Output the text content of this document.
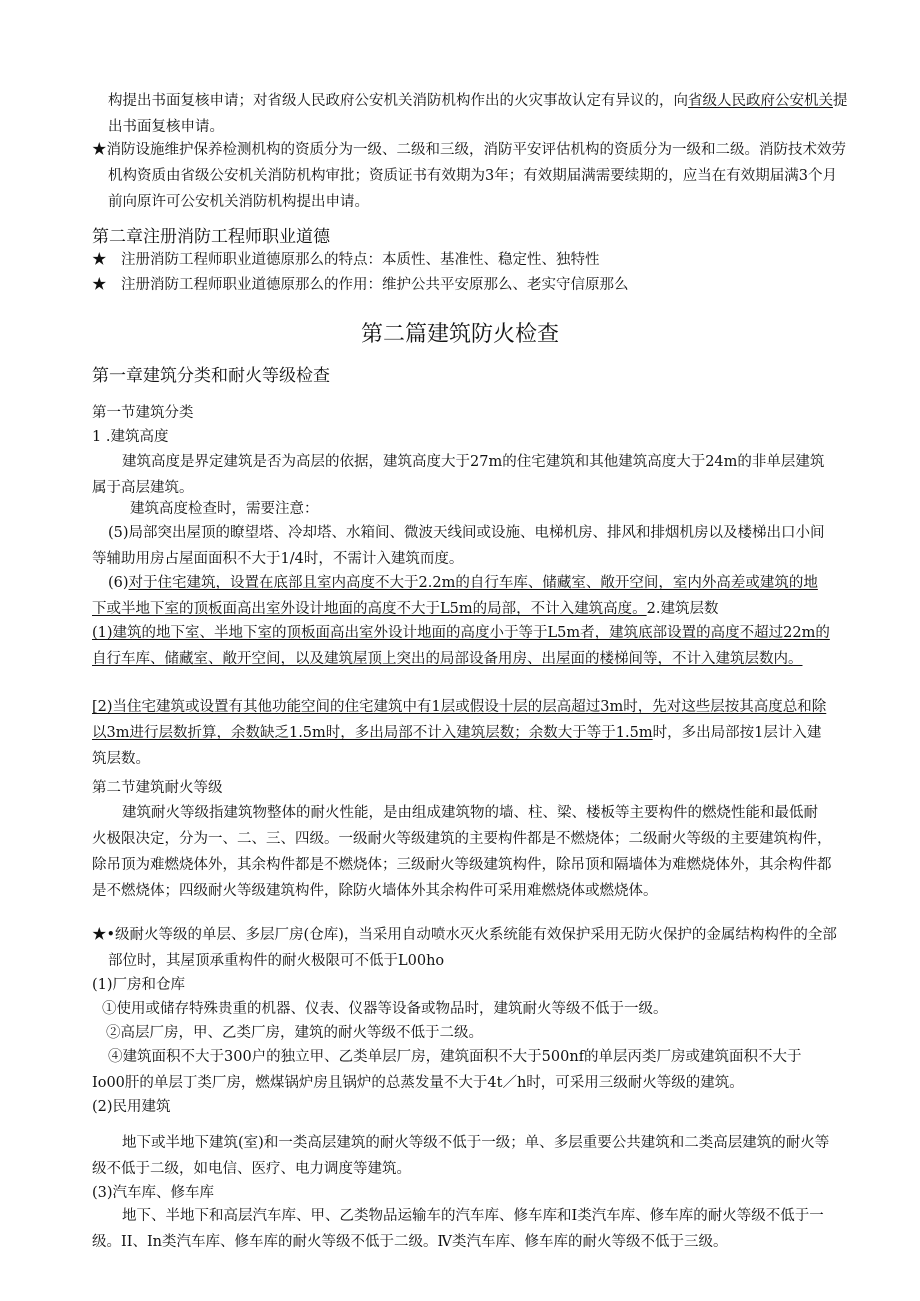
构提出书面复核申请；对省级人民政府公安机关消防机构作出的火灾事故认定有异议的，向省级人民政府公安机关提出书面复核申请。

★消防设施维护保养检测机构的资质分为一级、二级和三级，消防平安评估机构的资质分为一级和二级。消防技术效劳机构资质由省级公安机关消防机构审批；资质证书有效期为3年；有效期届满需要续期的，应当在有效期届满3个月前向原许可公安机关消防机构提出申请。

第二章注册消防工程师职业道德

★　注册消防工程师职业道德原那么的特点：本质性、基准性、稳定性、独特性

★　注册消防工程师职业道德原那么的作用：维护公共平安原那么、老实守信原那么

第二篇建筑防火检查

第一章建筑分类和耐火等级检查

第一节建筑分类

1 .建筑高度

建筑高度是界定建筑是否为高层的依据，建筑高度大于27m的住宅建筑和其他建筑高度大于24m的非单层建筑属于高层建筑。

建筑高度检查时，需要注意：

(5)局部突出屋顶的瞭望塔、冷却塔、水箱间、微波天线间或设施、电梯机房、排风和排烟机房以及楼梯出口小间等辅助用房占屋面面积不大于1/4时，不需计入建筑而度。

(6)对于住宅建筑，设置在底部且室内高度不大于2.2m的自行车库、储藏室、敞开空间，室内外高差或建筑的地下或半地下室的顶板面高出室外设计地面的高度不大于L5m的局部，不计入建筑高度。2.建筑层数

(1)建筑的地下室、半地下室的顶板面高出室外设计地面的高度小于等于L5m者，建筑底部设置的高度不超过22m的自行车库、储藏室、敞开空间，以及建筑屋顶上突出的局部设备用房、出屋面的楼梯间等，不计入建筑层数内。

[2)当住宅建筑或设置有其他功能空间的住宅建筑中有1层或假设十层的层高超过3m时，先对这些层按其高度总和除以3m进行层数折算，余数缺乏1.5m时，多出局部不计入建筑层数；余数大于等于1.5m时，多出局部按1层计入建筑层数。

第二节建筑耐火等级

建筑耐火等级指建筑物整体的耐火性能，是由组成建筑物的墙、柱、梁、楼板等主要构件的燃烧性能和最低耐火极限决定，分为一、二、三、四级。一级耐火等级建筑的主要构件都是不燃烧体；二级耐火等级的主要建筑构件，除吊顶为难燃烧体外，其余构件都是不燃烧体；三级耐火等级建筑构件，除吊顶和隔墙体为难燃烧体外，其余构件都是不燃烧体；四级耐火等级建筑构件，除防火墙体外其余构件可采用难燃烧体或燃烧体。

★•级耐火等级的单层、多层厂房(仓库)，当采用自动喷水灭火系统能有效保护采用无防火保护的金属结构构件的全部部位时，其屋顶承重构件的耐火极限可不低于L00ho

(1)厂房和仓库

①使用或储存特殊贵重的机器、仪表、仪器等设备或物品时，建筑耐火等级不低于一级。

②高层厂房，甲、乙类厂房，建筑的耐火等级不低于二级。

④建筑面积不大于300户的独立甲、乙类单层厂房，建筑面积不大于500nf的单层丙类厂房或建筑面积不大于Io00肝的单层丁类厂房，燃煤锅炉房且锅炉的总蒸发量不大于4t／h时，可采用三级耐火等级的建筑。

(2)民用建筑

地下或半地下建筑(室)和一类高层建筑的耐火等级不低于一级；单、多层重要公共建筑和二类高层建筑的耐火等级不低于二级，如电信、医疗、电力调度等建筑。

(3)汽车库、修车库

地下、半地下和高层汽车库、甲、乙类物品运输车的汽车库、修车库和Ⅰ类汽车库、修车库的耐火等级不低于一级。II、In类汽车库、修车库的耐火等级不低于二级。Ⅳ类汽车库、修车库的耐火等级不低于三级。
